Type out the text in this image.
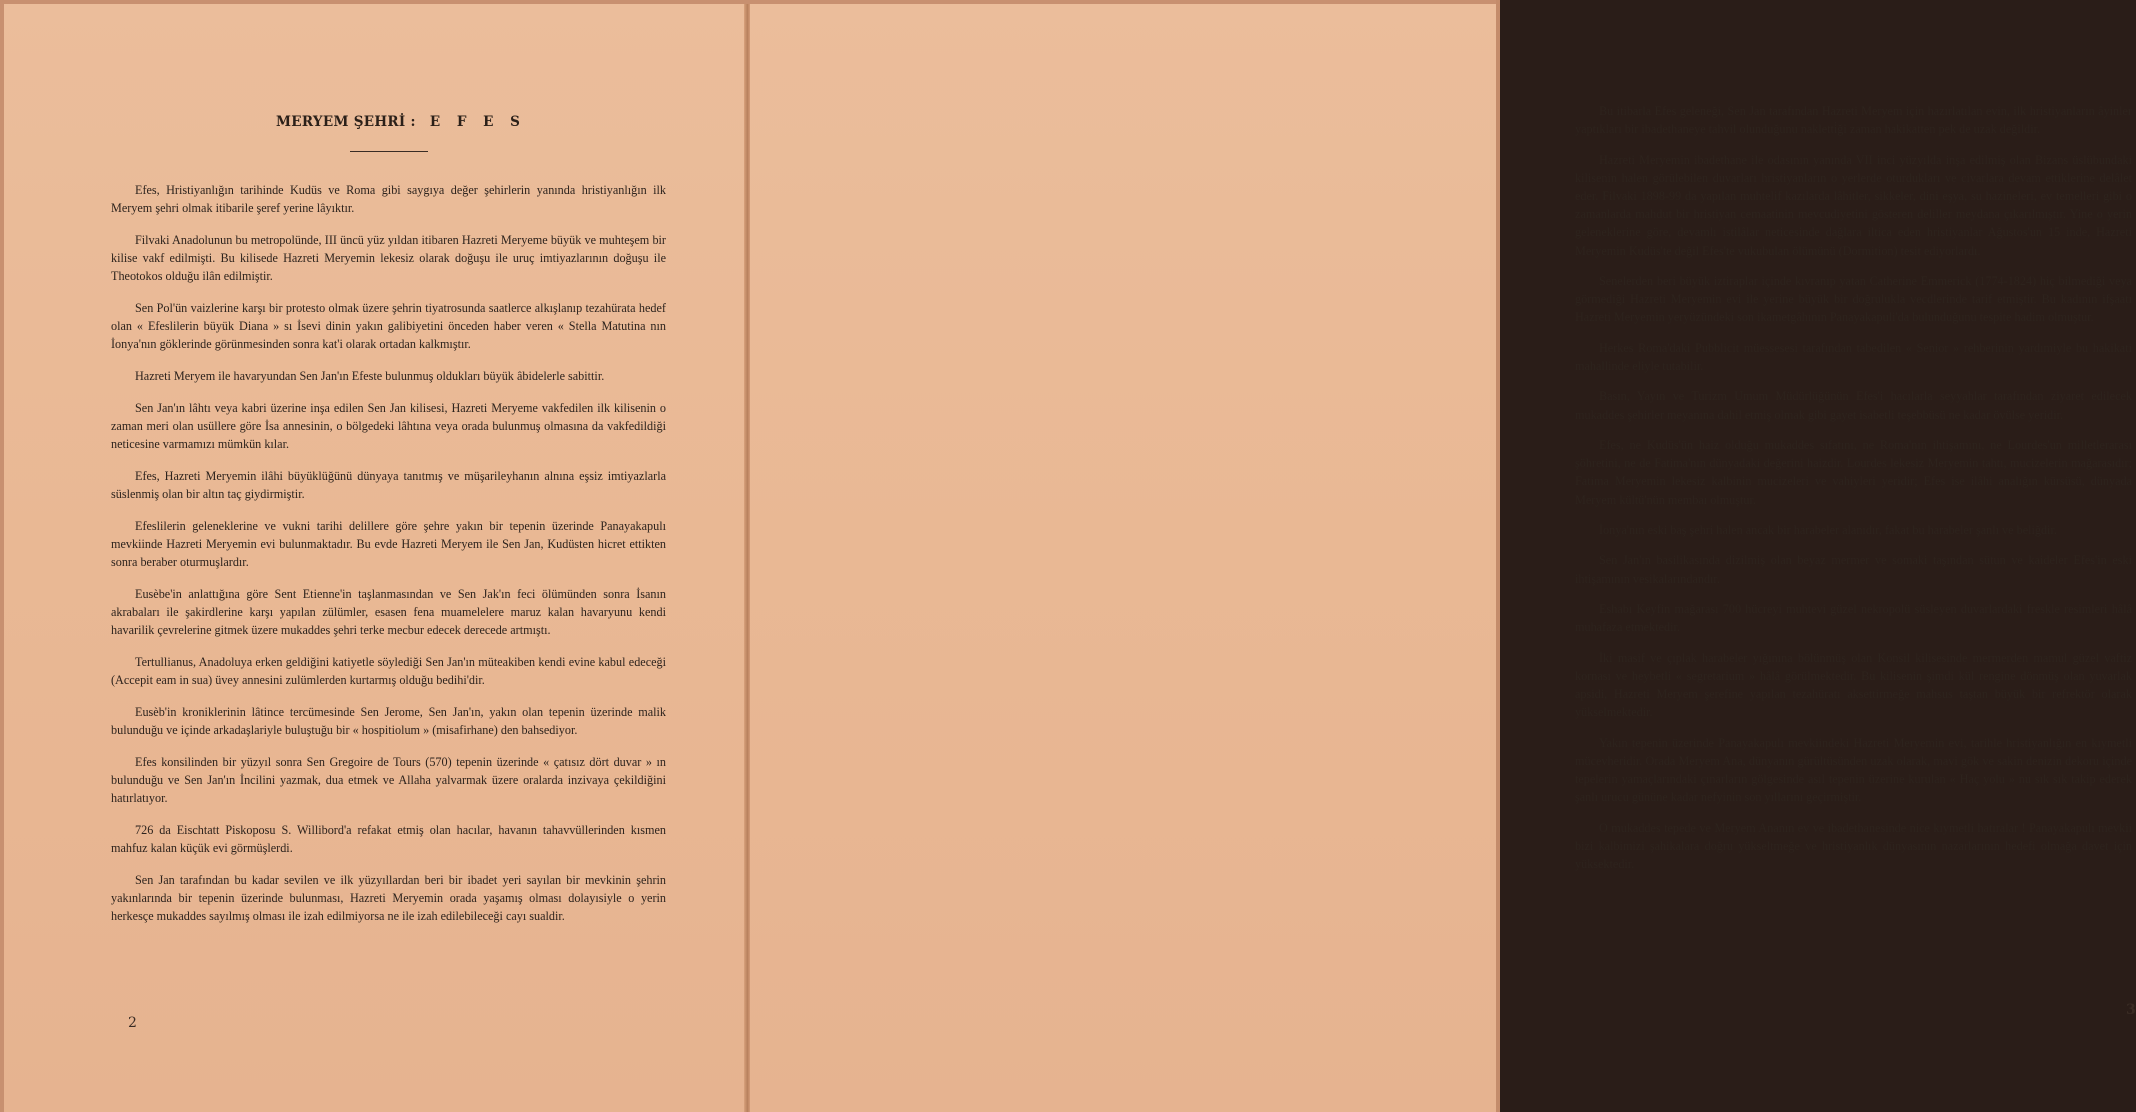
MERYEM ŞEHRİ : E F E S

Efes, Hristiyanlığın tarihinde Kudüs ve Roma gibi saygıya değer şehirlerin yanında hristiyanlığın ilk Meryem şehri olmak itibarile şeref yerine lâyıktır.

Filvaki Anadolunun bu metropolünde, III üncü yüz yıldan itibaren Hazreti Meryeme büyük ve muhteşem bir kilise vakf edilmişti. Bu kilisede Hazreti Meryemin lekesiz olarak doğuşu ile uruç imtiyazlarının doğuşu ile Theotokos olduğu ilân edilmiştir.

Sen Pol'ün vaizlerine karşı bir protesto olmak üzere şehrin tiyatrosunda saatlerce alkışlanıp tezahürata hedef olan « Efeslilerin büyük Diana » sı İsevi dinin yakın galibiyetini önceden haber veren « Stella Matutina nın İonya'nın göklerinde görünmesinden sonra kat'i olarak ortadan kalkmıştır.

Hazreti Meryem ile havaryundan Sen Jan'ın Efeste bulunmuş oldukları büyük âbidelerle sabittir.

Sen Jan'ın lâhtı veya kabri üzerine inşa edilen Sen Jan kilisesi, Hazreti Meryeme vakfedilen ilk kilisenin o zaman meri olan usüllere göre İsa annesinin, o bölgedeki lâhtına veya orada bulunmuş olmasına da vakfedildiği neticesine varmamızı mümkün kılar.

Efes, Hazreti Meryemin ilâhi büyüklüğünü dünyaya tanıtmış ve müşarileyhanın alnına eşsiz imtiyazlarla süslenmiş olan bir altın taç giydirmiştir.

Efeslilerin geleneklerine ve vukni tarihi delillere göre şehre yakın bir tepenin üzerinde Panayakapulı mevkiinde Hazreti Meryemin evi bulunmaktadır. Bu evde Hazreti Meryem ile Sen Jan, Kudüsten hicret ettikten sonra beraber oturmuşlardır.

Eusèbe'in anlattığına göre Sent Etienne'in taşlanmasından ve Sen Jak'ın feci ölümünden sonra İsanın akrabaları ile şakirdlerine karşı yapılan zülümler, esasen fena muamelelere maruz kalan havaryunu kendi havarilik çevrelerine gitmek üzere mukaddes şehri terke mecbur edecek derecede artmıştı.

Tertullianus, Anadoluya erken geldiğini katiyetle söylediği Sen Jan'ın müteakiben kendi evine kabul edeceği (Accepit eam in sua) üvey annesini zulümlerden kurtarmış olduğu bedihi'dir.

Eusèb'in kroniklerinin lâtince tercümesinde Sen Jerome, Sen Jan'ın, yakın olan tepenin üzerinde malik bulunduğu ve içinde arkadaşlariyle buluştuğu bir « hospitiolum » (misafirhane) den bahsediyor.

Efes konsilinden bir yüzyıl sonra Sen Gregoire de Tours (570) tepenin üzerinde « çatısız dört duvar » ın bulunduğu ve Sen Jan'ın İncilini yazmak, dua etmek ve Allaha yalvarmak üzere oralarda inzivaya çekildiğini hatırlatıyor.

726 da Eischtatt Piskoposu S. Willibord'a refakat etmiş olan hacılar, havanın tahavvüllerinden kısmen mahfuz kalan küçük evi görmüşlerdi.

Sen Jan tarafından bu kadar sevilen ve ilk yüzyıllardan beri bir ibadet yeri sayılan bir mevkinin şehrin yakınlarında bir tepenin üzerinde bulunması, Hazreti Meryemin orada yaşamış olması dolayısiyle o yerin herkesçe mukaddes sayılmış olması ile izah edilmiyorsa ne ile izah edilebileceği cayı sualdir.

2

Bu itibarla Efes geleneği, Sen Jan tarafından Hazreti Meryem için hazırlatılan evin, ilk hristiyanların âyinler yaptıkları bir ibadethaneye tahvil olunduğunu nakletti̇ği zaman hakikatten pek de uzak değildir.

Hazreti Meryemin ibadethane ile odasının yanında VII inci yüzyılda inşa edilmiş olan Bizans üslübundaki kilisenin halen görülebilen duvarları hristiyanların o yerlerde oturdukları ve civarlara devam ettiklerine delâlet eder. Filvaki 1898-99 da yapılan muhtelif kazılarda lâhitler, sikkeler, dini eşya, su hazineleri, ev temelleri gibi o zamanlarda mahdut bir hristiyan cemaatinin mevcudiyetini gösteren deliller meydana çıkarılmıştır. Yine o yerin geleneklerine göre, devamlı istilâlar neticesinde dağlara iltica eden hristiyanlar Ağustos'un 15 inde, Hazreti Meryemin Kudüs'te değil Efes'te vukubulan ölümünü (Dormition) tesit ediyorlardı.

Senelerden beri büyük iztiraplar içinde kıvranıp yatan Catherine Emmerick (1774-1824) hiç bilmediği veya görmediği Hazreti Meryemin evi ile yerine büyük bir doğrulukla vecdlerinde tarif etmiştir. Bu kadının ifşaatı Hazreti Meryemin yeryüzündeki son ikametgâhının Panayakapuli'da bulunduğunu tespite hadim olmuştur.

Herkes Roma'daki Pubblicit müessesesi tarafından tabedilen « Senior » rehberinin yardımiyle bu hakikati mahallinde eliyle tutabilir.

Basın, Yayın ve Turizm Umum Müdürlüğünün Efes'i hacılarla seyyahlar tarafından ziyaret edilecek mukaddes şehirler meyanına dahil etmiş olmak gibi gayet isabetli teşebbüsü ne kadar övülse yeridir.

Efes, ne Kudüs'ün haiz olduğu mukaddes sıfatını, ne Roma'nın ihtişamını, ne Lourdes'un milletlerarası şöhretini, ne de Fatima'nın dünyadaki değerini haizdir. Lourdes lekesiz Meryemin tahtı, mucizelerin mağarasıdır; Fatima Meryemin lekesiz kalbinin mucizeleri ve vahiyleri yeridir; Efes ise ilâhi analığın kürsüsü, dünyada Meryem kültü'nün membaı olmuştur.

İonya'nın eski baş şehri halen ancak bir harabeler alanıdır, fakat bu harabeler şanlı ve beliğdir.

Sen Jan'ın basilikasında dizilmiş olan beyaz mermer ve somaki taşından sütun ve kaideler Efes'in eski ihtişamının vesikalarındandır.

Eshabı Keyfin mağarası 700 hücreyi muhtevi güzel nekropolü süsleyen duvarlardaki freskle resimleri hâlâ muhafaza etmektedir.

İki masif ve çıplak harabeler yığınına bölünmüş olan Konsil kilisesinde mermerden mamul güzel vaftiz kornası ve heybetli « segretarium » hâlâ görülmektedir. Bu kilisenin şimdi kül rengine dönmüş olan yuvarlak apsidi, Hazreti Meryem şerefine yapılan tezahüratı aksettirmeğe mahsus taştan büyük bir refrektör olarak yükselmektedir.

Yakın tepenin üzerinde Panayakapulı mevkiindeki Hazreti Meryemin evi, tarihle hristiyanlığın en kıymetli mücevheridir. Orada Meryem Ana, dünyanın gürültüsünden uzak olarak, mavi gök ve sakin denizin dekoru içinde tepelerin yamaçlarındaki çınarların gölgesinde asıl tepenin üzerine kurulan « Haç yolu » nu sık sık takip ederek şanlı urucu gününe kadar nefyinin son yıllarını geçirmiştir.

O mukaddes tepede ve Meryem Ananın ev ve ibadethanesinde nice kıymetli hatıralar ! Panayakapulı mevkii bizi kalbimizi şahikalara doğru yükseltmeğe ve hristiyanlık dünyasının nazarlarının hedefi olmağa davet için yüksektedir.

3
